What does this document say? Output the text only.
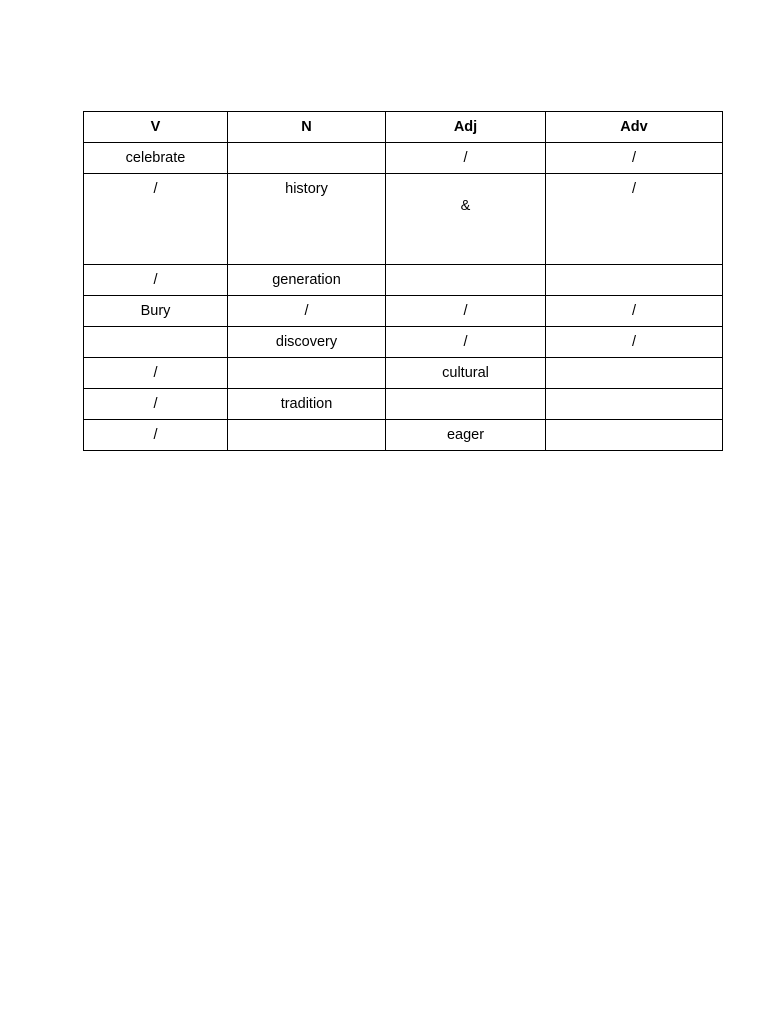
V	N	Adj	Adv
celebrate		/	/
/	history	&	/
/	generation		
Bury	/	/	/
	discovery	/	/
/		cultural	
/	tradition		
/		eager	
